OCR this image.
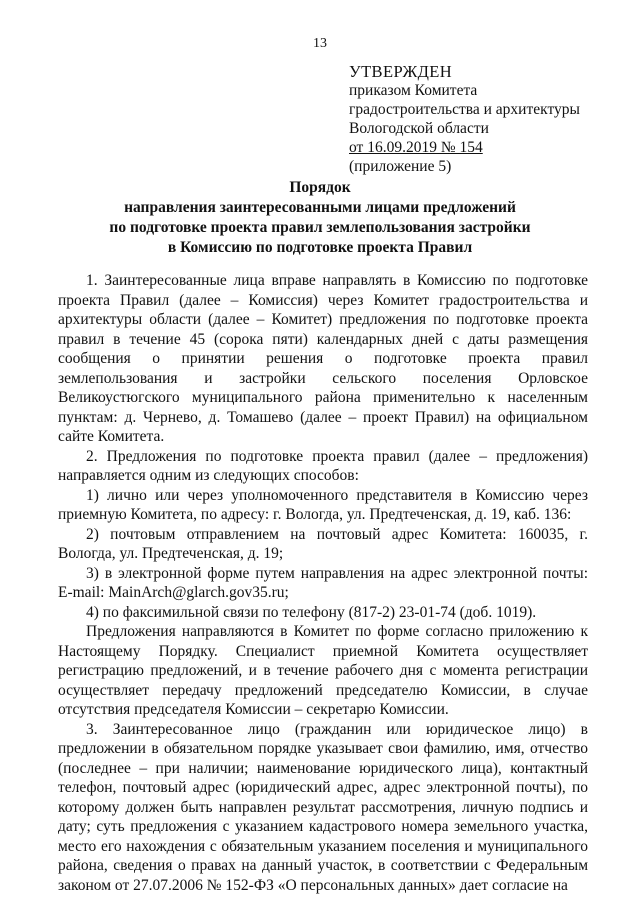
13
УТВЕРЖДЕН
приказом Комитета
градостроительства и архитектуры
Вологодской области
от 16.09.2019 № 154
(приложение 5)
Порядок
направления заинтересованными лицами предложений
по подготовке проекта правил землепользования застройки
в Комиссию по подготовке проекта Правил

1. Заинтересованные лица вправе направлять в Комиссию по подготовке проекта Правил (далее – Комиссия) через Комитет градостроительства и архитектуры области (далее – Комитет) предложения по подготовке проекта правил в течение 45 (сорока пяти) календарных дней с даты размещения сообщения о принятии решения о подготовке проекта правил землепользования и застройки сельского поселения Орловское Великоустюгского муниципального района применительно к населенным пунктам: д. Чернево, д. Томашево (далее – проект Правил) на официальном сайте Комитета.

2. Предложения по подготовке проекта правил (далее – предложения) направляется одним из следующих способов:

1) лично или через уполномоченного представителя в Комиссию через приемную Комитета, по адресу: г. Вологда, ул. Предтеченская, д. 19, каб. 136:

2) почтовым отправлением на почтовый адрес Комитета: 160035, г. Вологда, ул. Предтеченская, д. 19;

3) в электронной форме путем направления на адрес электронной почты: E-mail: MainArch@glarch.gov35.ru;

4) по факсимильной связи по телефону (817-2) 23-01-74 (доб. 1019).

Предложения направляются в Комитет по форме согласно приложению к Настоящему Порядку. Специалист приемной Комитета осуществляет регистрацию предложений, и в течение рабочего дня с момента регистрации осуществляет передачу предложений председателю Комиссии, в случае отсутствия председателя Комиссии – секретарю Комиссии.

3. Заинтересованное лицо (гражданин или юридическое лицо) в предложении в обязательном порядке указывает свои фамилию, имя, отчество (последнее – при наличии; наименование юридического лица), контактный телефон, почтовый адрес (юридический адрес, адрес электронной почты), по которому должен быть направлен результат рассмотрения, личную подпись и дату; суть предложения с указанием кадастрового номера земельного участка, место его нахождения с обязательным указанием поселения и муниципального района, сведения о правах на данный участок, в соответствии с Федеральным законом от 27.07.2006 № 152-ФЗ «О персональных данных» дает согласие на
